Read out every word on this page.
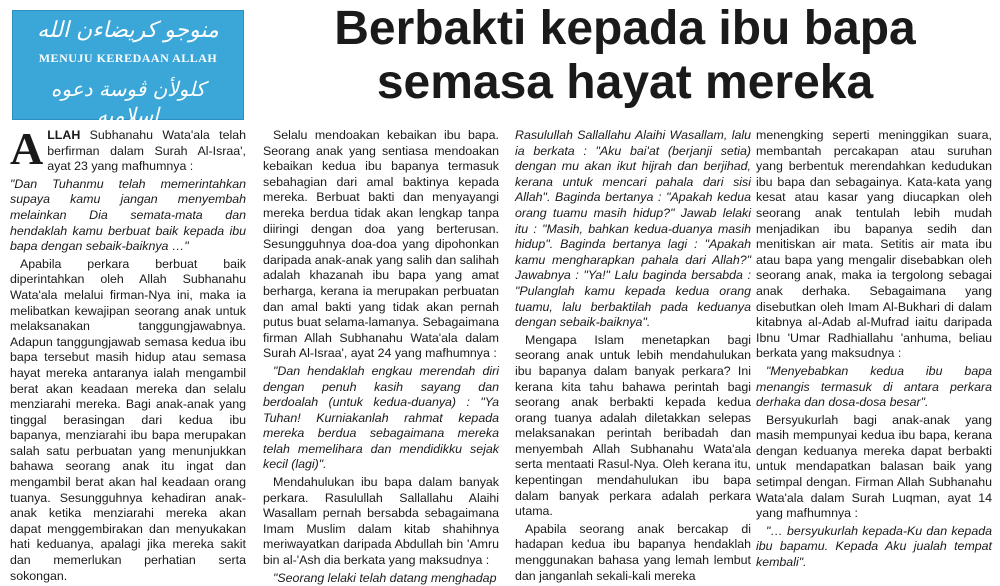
منوجو كريضاءن الله
MENUJU KEREDAAN ALLAH
كلولأن ڤوسة دعوه اسلاميه
Berbakti kepada ibu bapa
semasa hayat mereka

ALLAH Subhanahu Wata'ala telah berfirman dalam Surah Al-Israa', ayat 23 yang mafhumnya :

"Dan Tuhanmu telah memerintahkan supaya kamu jangan menyembah melainkan Dia semata-mata dan hendaklah kamu berbuat baik kepada ibu bapa dengan sebaik-baiknya …"

Apabila perkara berbuat baik diperintahkan oleh Allah Subhanahu Wata'ala melalui firman-Nya ini, maka ia melibatkan kewajipan seorang anak untuk melaksanakan tanggungjawabnya. Adapun tanggungjawab semasa kedua ibu bapa tersebut masih hidup atau semasa hayat mereka antaranya ialah mengambil berat akan keadaan mereka dan selalu menziarahi mereka. Bagi anak-anak yang tinggal berasingan dari kedua ibu bapanya, menziarahi ibu bapa merupakan salah satu perbuatan yang menunjukkan bahawa seorang anak itu ingat dan mengambil berat akan hal keadaan orang tuanya. Sesungguhnya kehadiran anak-anak ketika menziarahi mereka akan dapat menggembirakan dan menyukakan hati keduanya, apalagi jika mereka sakit dan memerlukan perhatian serta sokongan.

Selalu mendoakan kebaikan ibu bapa. Seorang anak yang sentiasa mendoakan kebaikan kedua ibu bapanya termasuk sebahagian dari amal baktinya kepada mereka. Berbuat bakti dan menyayangi mereka berdua tidak akan lengkap tanpa diiringi dengan doa yang berterusan. Sesungguhnya doa-doa yang dipohonkan daripada anak-anak yang salih dan salihah adalah khazanah ibu bapa yang amat berharga, kerana ia merupakan perbuatan dan amal bakti yang tidak akan pernah putus buat selama-lamanya. Sebagaimana firman Allah Subhanahu Wata'ala dalam Surah Al-Israa', ayat 24 yang mafhumnya :

"Dan hendaklah engkau merendah diri dengan penuh kasih sayang dan berdoalah (untuk kedua-duanya) : "Ya Tuhan! Kurniakanlah rahmat kepada mereka berdua sebagaimana mereka telah memelihara dan mendidikku sejak kecil (lagi)".

Mendahulukan ibu bapa dalam banyak perkara. Rasulullah Sallallahu Alaihi Wasallam pernah bersabda sebagaimana Imam Muslim dalam kitab shahihnya meriwayatkan daripada Abdullah bin 'Amru bin al-'Ash dia berkata yang maksudnya :

"Seorang lelaki telah datang menghadap

Rasulullah Sallallahu Alaihi Wasallam, lalu ia berkata : "Aku bai'at (berjanji setia) dengan mu akan ikut hijrah dan berjihad, kerana untuk mencari pahala dari sisi Allah". Baginda bertanya : "Apakah kedua orang tuamu masih hidup?" Jawab lelaki itu : "Masih, bahkan kedua-duanya masih hidup". Baginda bertanya lagi : "Apakah kamu mengharapkan pahala dari Allah?" Jawabnya : "Ya!" Lalu baginda bersabda : "Pulanglah kamu kepada kedua orang tuamu, lalu berbaktilah pada keduanya dengan sebaik-baiknya".

Mengapa Islam menetapkan bagi seorang anak untuk lebih mendahulukan ibu bapanya dalam banyak perkara? Ini kerana kita tahu bahawa perintah bagi seorang anak berbakti kepada kedua orang tuanya adalah diletakkan selepas melaksanakan perintah beribadah dan menyembah Allah Subhanahu Wata'ala serta mentaati Rasul-Nya. Oleh kerana itu, kepentingan mendahulukan ibu bapa dalam banyak perkara adalah perkara utama.

Apabila seorang anak bercakap di hadapan kedua ibu bapanya hendaklah menggunakan bahasa yang lemah lembut dan janganlah sekali-kali mereka

menengking seperti meninggikan suara, membantah percakapan atau suruhan yang berbentuk merendahkan kedudukan ibu bapa dan sebagainya. Kata-kata yang kesat atau kasar yang diucapkan oleh seorang anak tentulah lebih mudah menjadikan ibu bapanya sedih dan menitiskan air mata. Setitis air mata ibu atau bapa yang mengalir disebabkan oleh seorang anak, maka ia tergolong sebagai anak derhaka. Sebagaimana yang disebutkan oleh Imam Al-Bukhari di dalam kitabnya al-Adab al-Mufrad iaitu daripada Ibnu 'Umar Radhiallahu 'anhuma, beliau berkata yang maksudnya :

"Menyebabkan kedua ibu bapa menangis termasuk di antara perkara derhaka dan dosa-dosa besar".

Bersyukurlah bagi anak-anak yang masih mempunyai kedua ibu bapa, kerana dengan keduanya mereka dapat berbakti untuk mendapatkan balasan baik yang setimpal dengan. Firman Allah Subhanahu Wata'ala dalam Surah Luqman, ayat 14 yang mafhumnya :

"… bersyukurlah kepada-Ku dan kepada ibu bapamu. Kepada Aku jualah tempat kembali".
